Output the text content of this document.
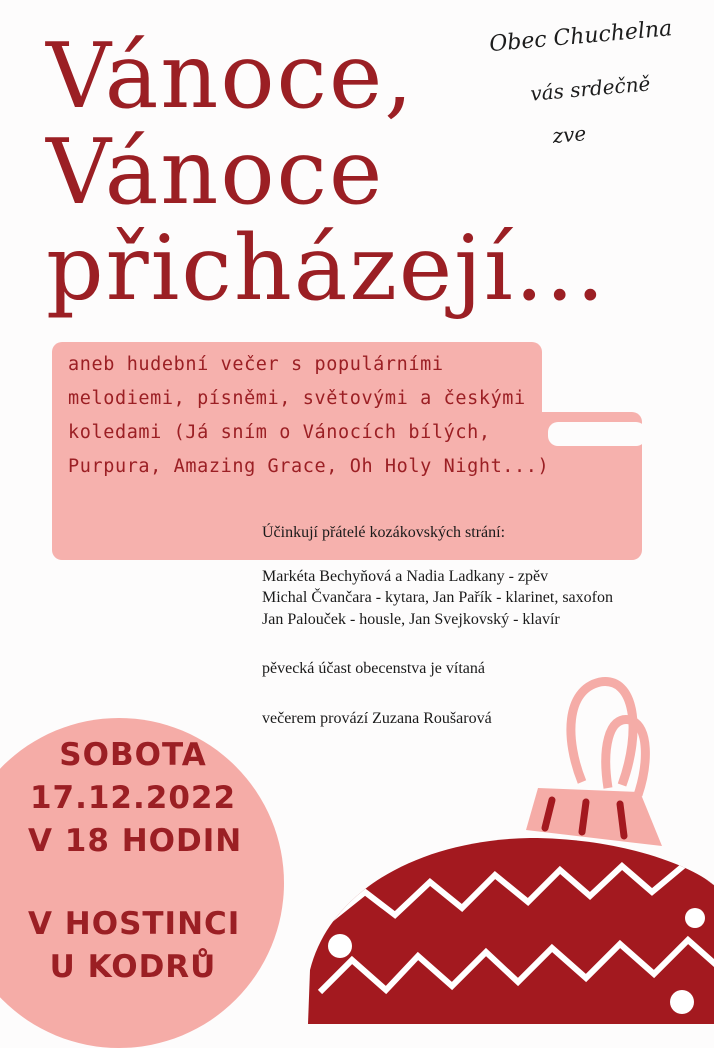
Vánoce,
Vánoce
přicházejí...
Obec Chuchelna
vás srdečně
zve
aneb hudební večer s populárními
melodiemi, písněmi, světovými a českými
koledami (Já sním o Vánocích bílých,
Purpura, Amazing Grace, Oh Holy Night...)

Účinkují přátelé kozákovských strání:

Markéta Bechyňová a Nadia Ladkany - zpěv

Michal Čvančara - kytara, Jan Pařík - klarinet, saxofon

Jan Palouček - housle, Jan Svejkovský - klavír

pěvecká účast obecenstva je vítaná

večerem provází Zuzana Roušarová

SOBOTA
17.12.2022
V 18 HODIN
V HOSTINCI
U KODRŮ
